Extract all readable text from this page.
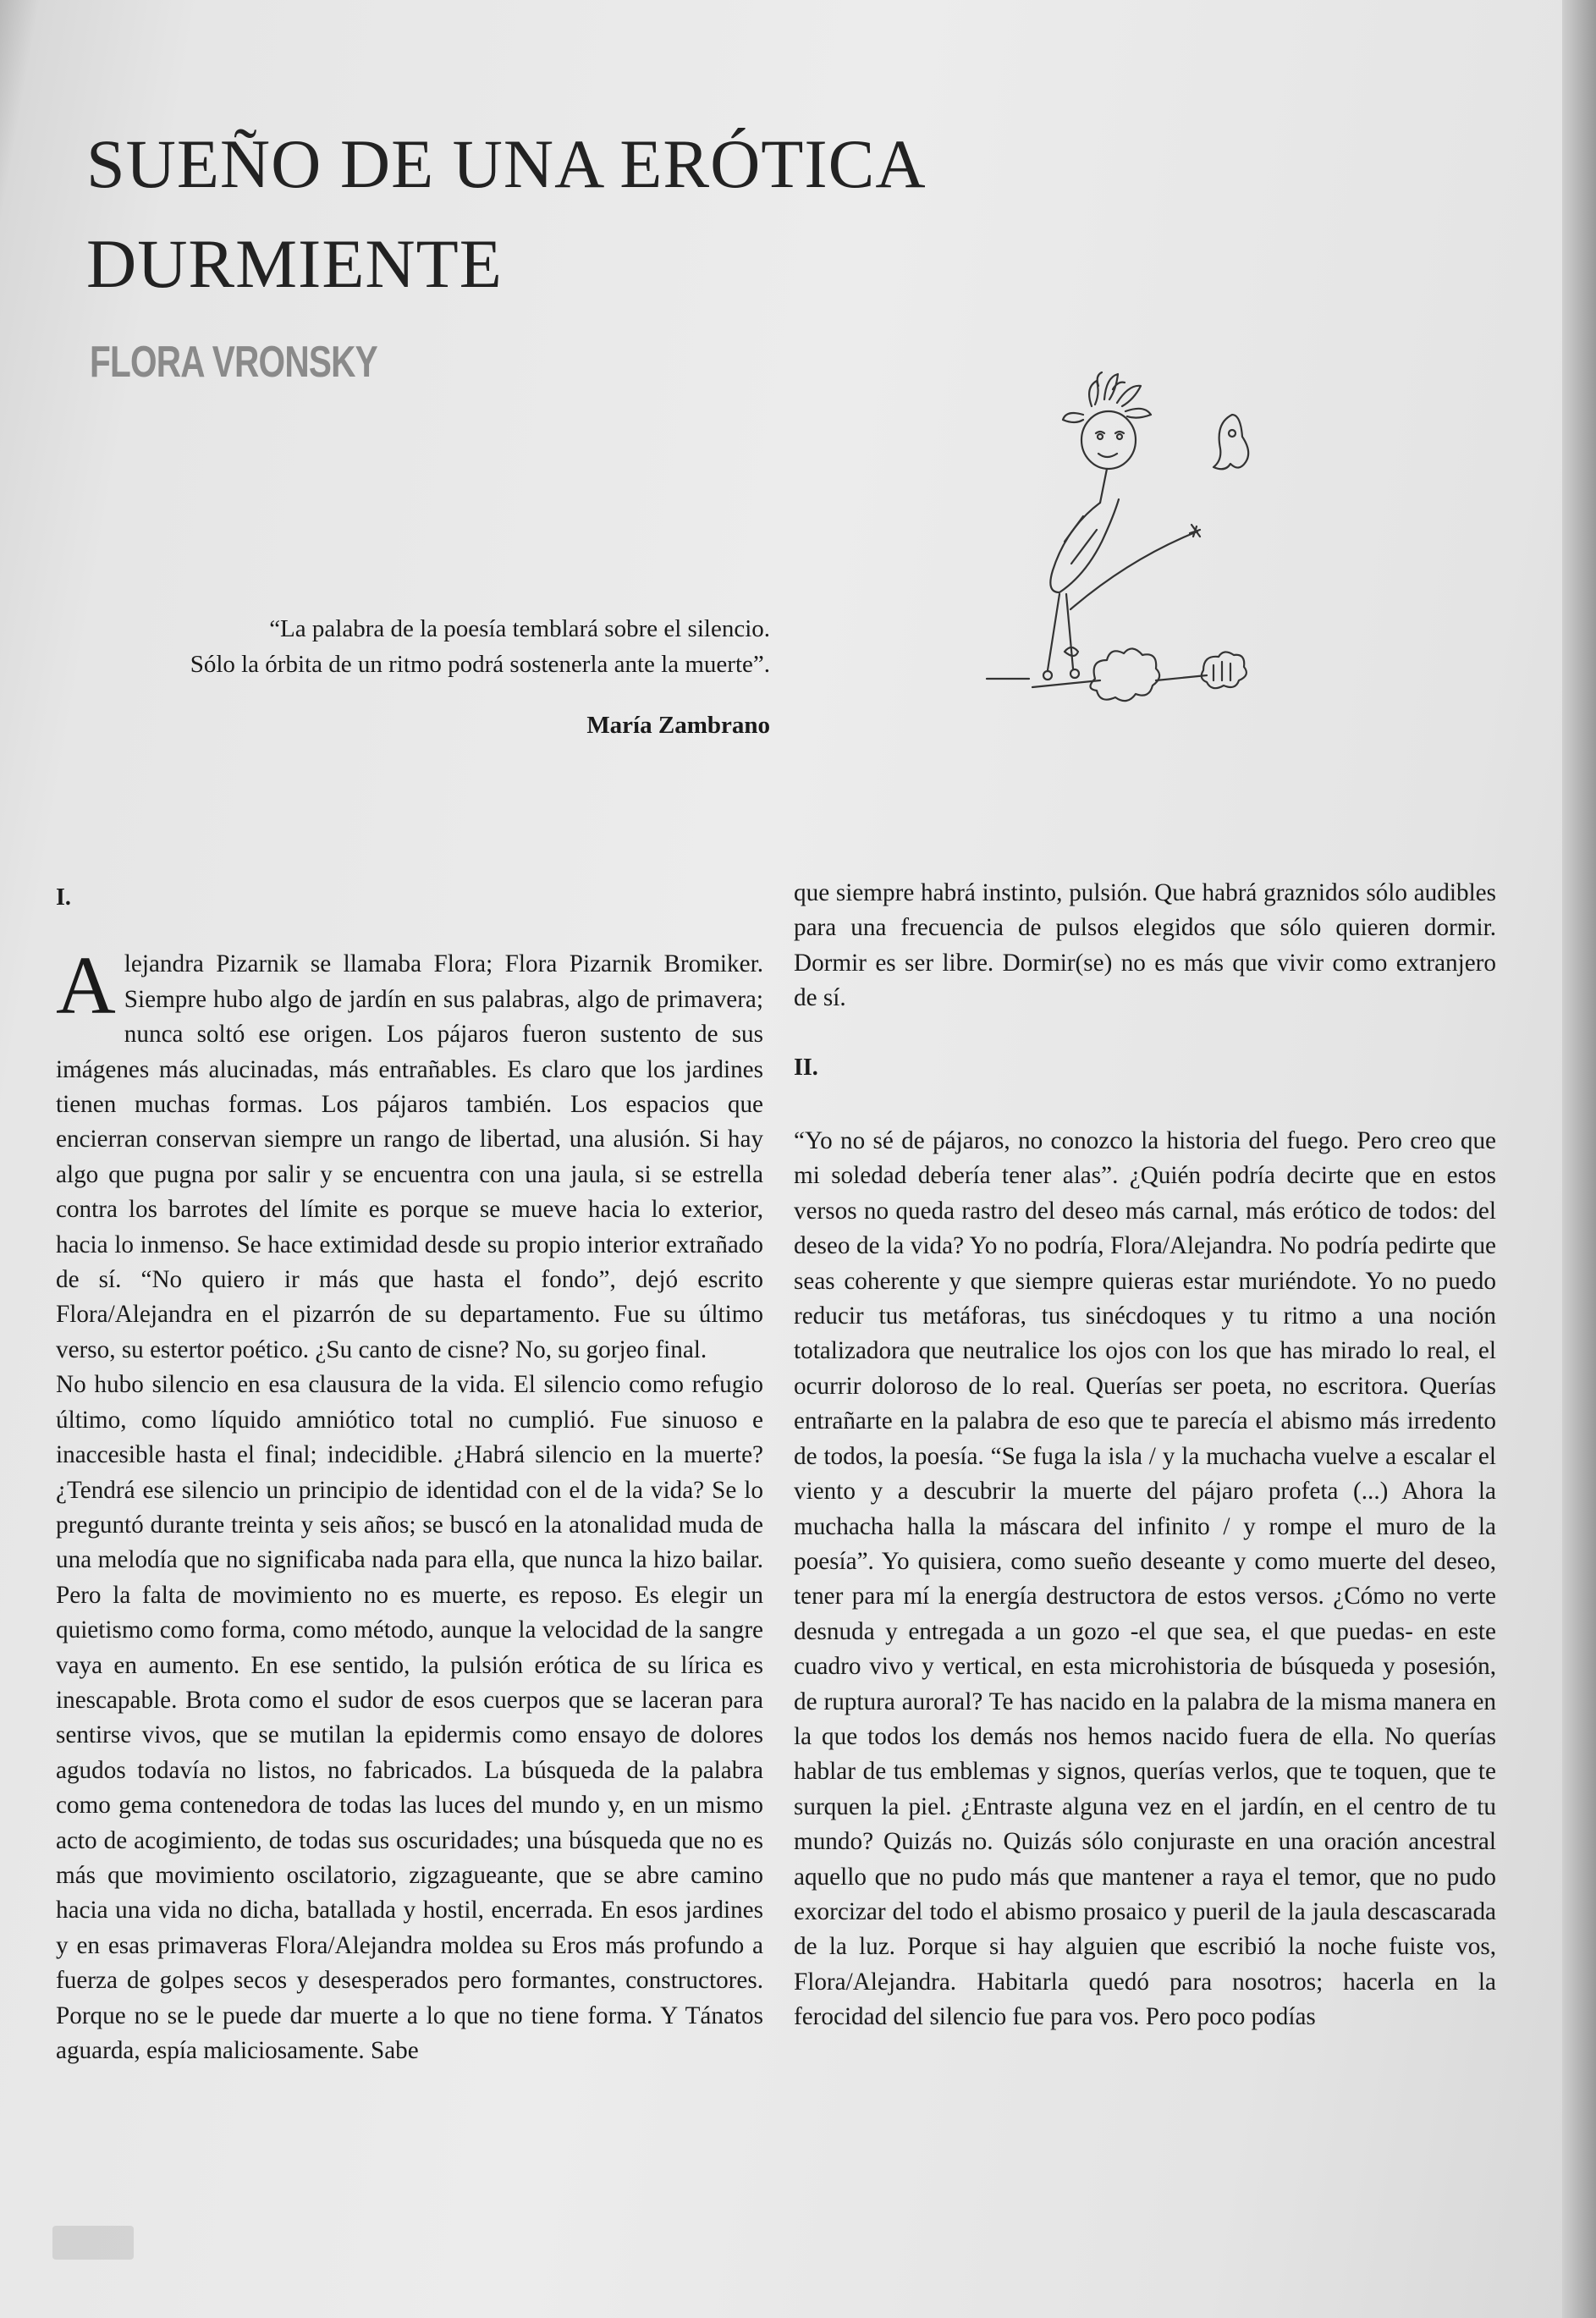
SUEÑO DE UNA ERÓTICA
DURMIENTE
FLORA VRONSKY
“La palabra de la poesía temblará sobre el silencio.
Sólo la órbita de un ritmo podrá sostenerla ante la muerte”.
María Zambrano

I.

Alejandra Pizarnik se llamaba Flora; Flora Pizarnik Bromiker. Siempre hubo algo de jardín en sus palabras, algo de primavera; nunca soltó ese origen. Los pájaros fueron sustento de sus imágenes más alucinadas, más entrañables. Es claro que los jardines tienen muchas formas. Los pájaros también. Los espacios que encierran conservan siempre un rango de libertad, una alusión. Si hay algo que pugna por salir y se encuentra con una jaula, si se estrella contra los barrotes del límite es porque se mueve hacia lo exterior, hacia lo inmenso. Se hace extimidad desde su propio interior extrañado de sí. “No quiero ir más que hasta el fondo”, dejó escrito Flora/Alejandra en el pizarrón de su departamento. Fue su último verso, su estertor poético. ¿Su canto de cisne? No, su gorjeo final.

No hubo silencio en esa clausura de la vida. El silencio como refugio último, como líquido amniótico total no cumplió. Fue sinuoso e inaccesible hasta el final; indecidible. ¿Habrá silencio en la muerte? ¿Tendrá ese silencio un principio de identidad con el de la vida? Se lo preguntó durante treinta y seis años; se buscó en la atonalidad muda de una melodía que no significaba nada para ella, que nunca la hizo bailar. Pero la falta de movimiento no es muerte, es reposo. Es elegir un quietismo como forma, como método, aunque la velocidad de la sangre vaya en aumento. En ese sentido, la pulsión erótica de su lírica es inescapable. Brota como el sudor de esos cuerpos que se laceran para sentirse vivos, que se mutilan la epidermis como ensayo de dolores agudos todavía no listos, no fabricados. La búsqueda de la palabra como gema contenedora de todas las luces del mundo y, en un mismo acto de acogimiento, de todas sus oscuridades; una búsqueda que no es más que movimiento oscilatorio, zigzagueante, que se abre camino hacia una vida no dicha, batallada y hostil, encerrada. En esos jardines y en esas primaveras Flora/Alejandra moldea su Eros más profundo a fuerza de golpes secos y desesperados pero formantes, constructores. Porque no se le puede dar muerte a lo que no tiene forma. Y Tánatos aguarda, espía maliciosamente. Sabe

que siempre habrá instinto, pulsión. Que habrá graznidos sólo audibles para una frecuencia de pulsos elegidos que sólo quieren dormir. Dormir es ser libre. Dormir(se) no es más que vivir como extranjero de sí.

II.

“Yo no sé de pájaros, no conozco la historia del fuego. Pero creo que mi soledad debería tener alas”. ¿Quién podría decirte que en estos versos no queda rastro del deseo más carnal, más erótico de todos: del deseo de la vida? Yo no podría, Flora/Alejandra. No podría pedirte que seas coherente y que siempre quieras estar muriéndote. Yo no puedo reducir tus metáforas, tus sinécdoques y tu ritmo a una noción totalizadora que neutralice los ojos con los que has mirado lo real, el ocurrir doloroso de lo real. Querías ser poeta, no escritora. Querías entrañarte en la palabra de eso que te parecía el abismo más irredento de todos, la poesía. “Se fuga la isla / y la muchacha vuelve a escalar el viento y a descubrir la muerte del pájaro profeta (...) Ahora la muchacha halla la máscara del infinito / y rompe el muro de la poesía”. Yo quisiera, como sueño deseante y como muerte del deseo, tener para mí la energía destructora de estos versos. ¿Cómo no verte desnuda y entregada a un gozo -el que sea, el que puedas- en este cuadro vivo y vertical, en esta microhistoria de búsqueda y posesión, de ruptura auroral? Te has nacido en la palabra de la misma manera en la que todos los demás nos hemos nacido fuera de ella. No querías hablar de tus emblemas y signos, querías verlos, que te toquen, que te surquen la piel. ¿Entraste alguna vez en el jardín, en el centro de tu mundo? Quizás no. Quizás sólo conjuraste en una oración ancestral aquello que no pudo más que mantener a raya el temor, que no pudo exorcizar del todo el abismo prosaico y pueril de la jaula descascarada de la luz. Porque si hay alguien que escribió la noche fuiste vos, Flora/Alejandra. Habitarla quedó para nosotros; hacerla en la ferocidad del silencio fue para vos. Pero poco podías
